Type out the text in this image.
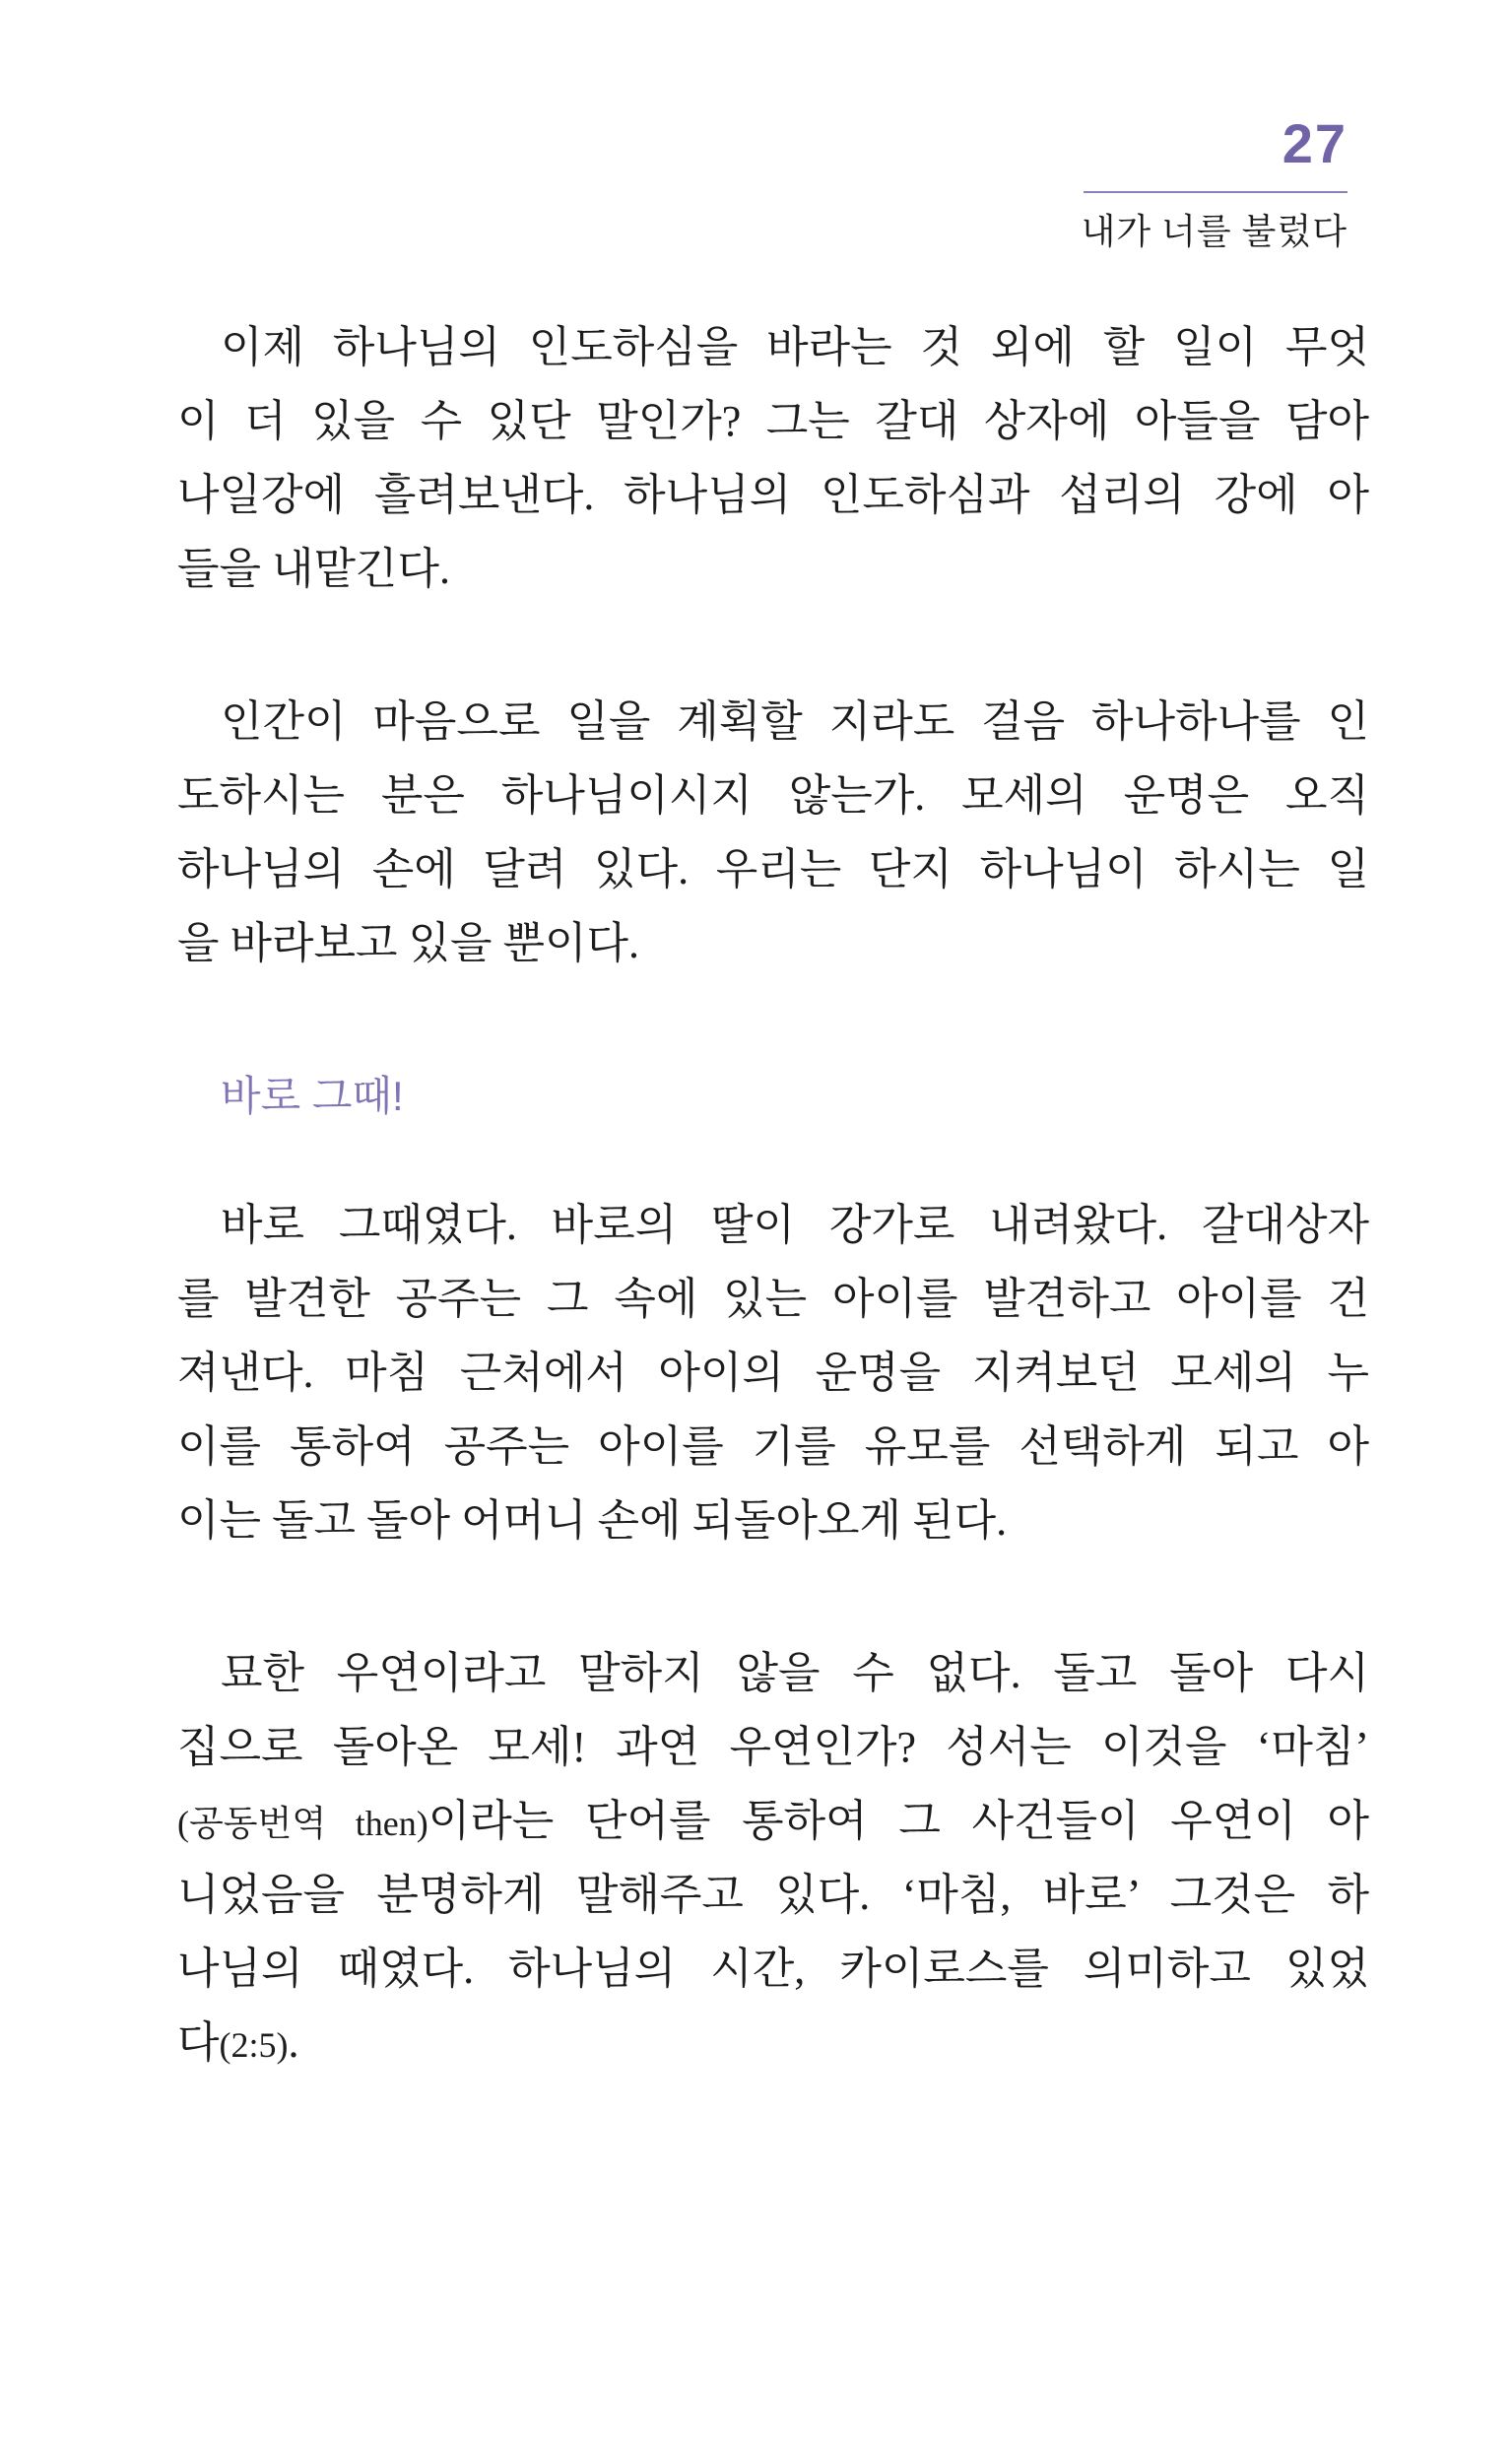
27
내가 너를 불렀다
이제 하나님의 인도하심을 바라는 것 외에 할 일이 무엇
이 더 있을 수 있단 말인가? 그는 갈대 상자에 아들을 담아
나일강에 흘려보낸다. 하나님의 인도하심과 섭리의 강에 아
들을 내맡긴다.
인간이 마음으로 일을 계획할 지라도 걸음 하나하나를 인
도하시는 분은 하나님이시지 않는가. 모세의 운명은 오직
하나님의 손에 달려 있다. 우리는 단지 하나님이 하시는 일
을 바라보고 있을 뿐이다.
바로 그때!
바로 그때였다. 바로의 딸이 강가로 내려왔다. 갈대상자
를 발견한 공주는 그 속에 있는 아이를 발견하고 아이를 건
져낸다. 마침 근처에서 아이의 운명을 지켜보던 모세의 누
이를 통하여 공주는 아이를 기를 유모를 선택하게 되고 아
이는 돌고 돌아 어머니 손에 되돌아오게 된다.
묘한 우연이라고 말하지 않을 수 없다. 돌고 돌아 다시
집으로 돌아온 모세! 과연 우연인가? 성서는 이것을 ‘마침’
(공동번역 then)이라는 단어를 통하여 그 사건들이 우연이 아
니었음을 분명하게 말해주고 있다. ‘마침, 바로’ 그것은 하
나님의 때였다. 하나님의 시간, 카이로스를 의미하고 있었
다(2:5).
